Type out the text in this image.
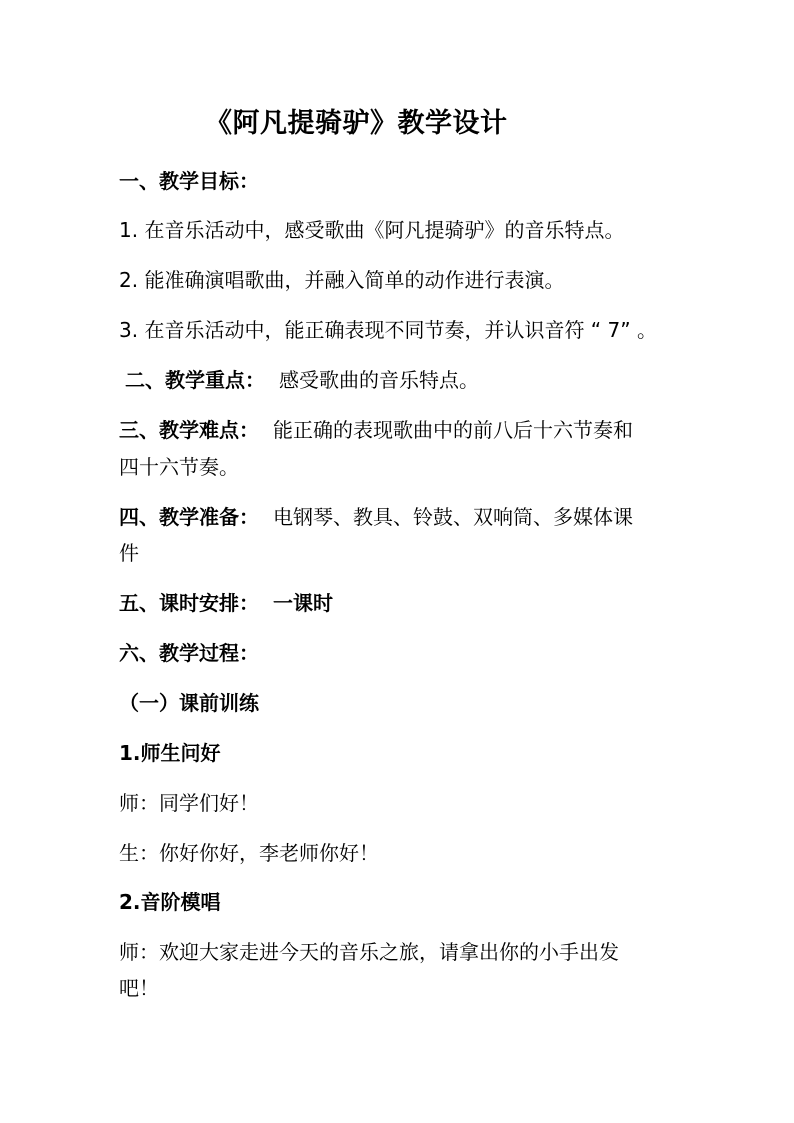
《阿凡提骑驴》教学设计
一、教学目标：
1. 在音乐活动中，感受歌曲《阿凡提骑驴》的音乐特点。
2. 能准确演唱歌曲，并融入简单的动作进行表演。
3. 在音乐活动中，能正确表现不同节奏，并认识音符 “ 7” 。
二、教学重点： 感受歌曲的音乐特点。
三、教学难点： 能正确的表现歌曲中的前八后十六节奏和
四十六节奏。
四、教学准备： 电钢琴、教具、铃鼓、双响筒、多媒体课
件
五、课时安排： 一课时
六、教学过程：
（一）课前训练
1.师生问好
师：同学们好！
生：你好你好，李老师你好！
2.音阶模唱
师：欢迎大家走进今天的音乐之旅，请拿出你的小手出发
吧！
